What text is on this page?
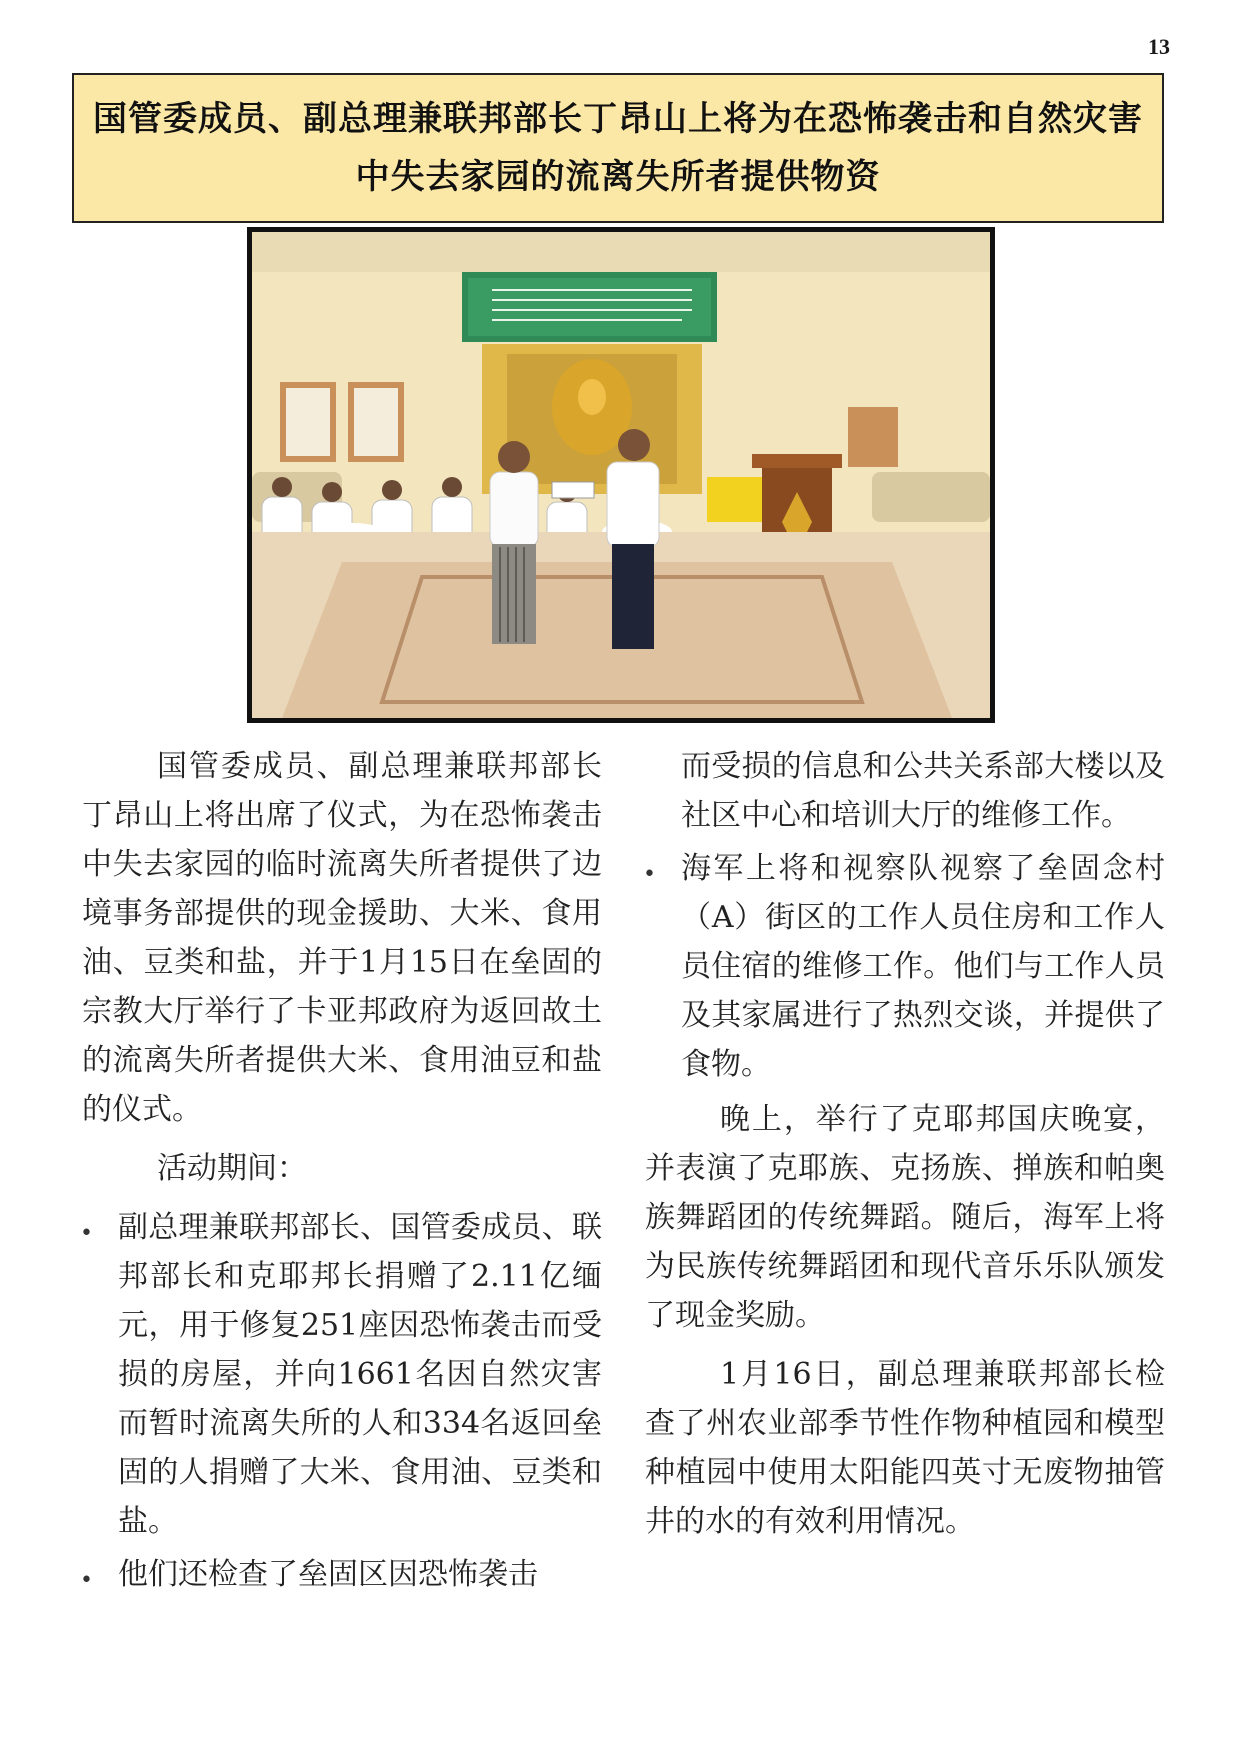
13
国管委成员、副总理兼联邦部长丁昂山上将为在恐怖袭击和自然灾害中失去家园的流离失所者提供物资

国管委成员、副总理兼联邦部长丁昂山上将出席了仪式，为在恐怖袭击中失去家园的临时流离失所者提供了边境事务部提供的现金援助、大米、食用油、豆类和盐，并于1月15日在垒固的宗教大厅举行了卡亚邦政府为返回故土的流离失所者提供大米、食用油豆和盐的仪式。

活动期间：

• 副总理兼联邦部长、国管委成员、联邦部长和克耶邦长捐赠了2.11亿缅元，用于修复251座因恐怖袭击而受损的房屋，并向1661名因自然灾害而暂时流离失所的人和334名返回垒固的人捐赠了大米、食用油、豆类和盐。

• 他们还检查了垒固区因恐怖袭击

而受损的信息和公共关系部大楼以及社区中心和培训大厅的维修工作。

• 海军上将和视察队视察了垒固念村（A）街区的工作人员住房和工作人员住宿的维修工作。他们与工作人员及其家属进行了热烈交谈，并提供了食物。

晚上，举行了克耶邦国庆晚宴，并表演了克耶族、克扬族、掸族和帕奥族舞蹈团的传统舞蹈。随后，海军上将为民族传统舞蹈团和现代音乐乐队颁发了现金奖励。

1月16日，副总理兼联邦部长检查了州农业部季节性作物种植园和模型种植园中使用太阳能四英寸无废物抽管井的水的有效利用情况。
